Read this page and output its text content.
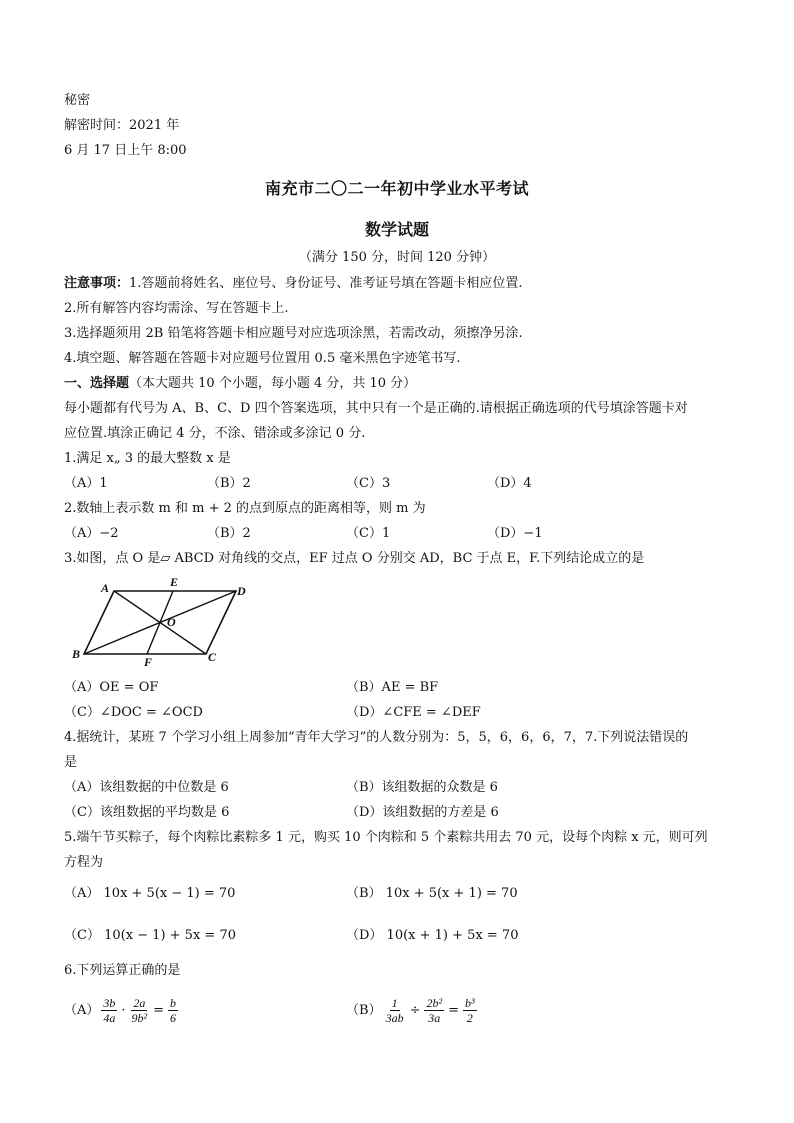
秘密
解密时间：2021 年
6 月 17 日上午 8:00
南充市二〇二一年初中学业水平考试
数学试题
（满分 150 分，时间 120 分钟）
注意事项：1.答题前将姓名、座位号、身份证号、准考证号填在答题卡相应位置.
2.所有解答内容均需涂、写在答题卡上.
3.选择题须用 2B 铅笔将答题卡相应题号对应选项涂黑，若需改动，须擦净另涂.
4.填空题、解答题在答题卡对应题号位置用 0.5 毫米黑色字迹笔书写.
一、选择题（本大题共 10 个小题，每小题 4 分，共 10 分）
每小题都有代号为 A、B、C、D 四个答案选项，其中只有一个是正确的.请根据正确选项的代号填涂答题卡对
应位置.填涂正确记 4 分，不涂、错涂或多涂记 0 分.
1.满足 x„ 3 的最大整数 x 是
（A）1	（B）2	（C）3	（D）4
2.数轴上表示数 m 和 m + 2 的点到原点的距离相等，则 m 为
（A）−2	（B）2	（C）1	（D）−1
3.如图，点 O 是▱ ABCD 对角线的交点，EF 过点 O 分别交 AD，BC 于点 E，F.下列结论成立的是
A	E
D
O
B
F	C
（A）OE = OF	（B）AE = BF
（C）∠DOC = ∠OCD	（D）∠CFE = ∠DEF
4.据统计，某班 7 个学习小组上周参加“青年大学习”的人数分别为：5，5，6，6，6，7，7.下列说法错误的
是
（A）该组数据的中位数是 6	（B）该组数据的众数是 6
（C）该组数据的平均数是 6	（D）该组数据的方差是 6
5.端午节买粽子，每个肉粽比素粽多 1 元，购买 10 个肉粽和 5 个素粽共用去 70 元，设每个肉粽 x 元，则可列
方程为
（A） 10x + 5(x − 1) = 70	（B） 10x + 5(x + 1) = 70
（C） 10(x − 1) + 5x = 70	（D） 10(x + 1) + 5x = 70
6.下列运算正确的是
$(A) \frac{3b}{4a} \cdot \frac{2a}{\text{9b²}} = \frac{b}{6}$	$(B) \frac{1}{3ab} \div \frac{\text{2b²}}{3a} = \frac{\text{b³}}{2}$
